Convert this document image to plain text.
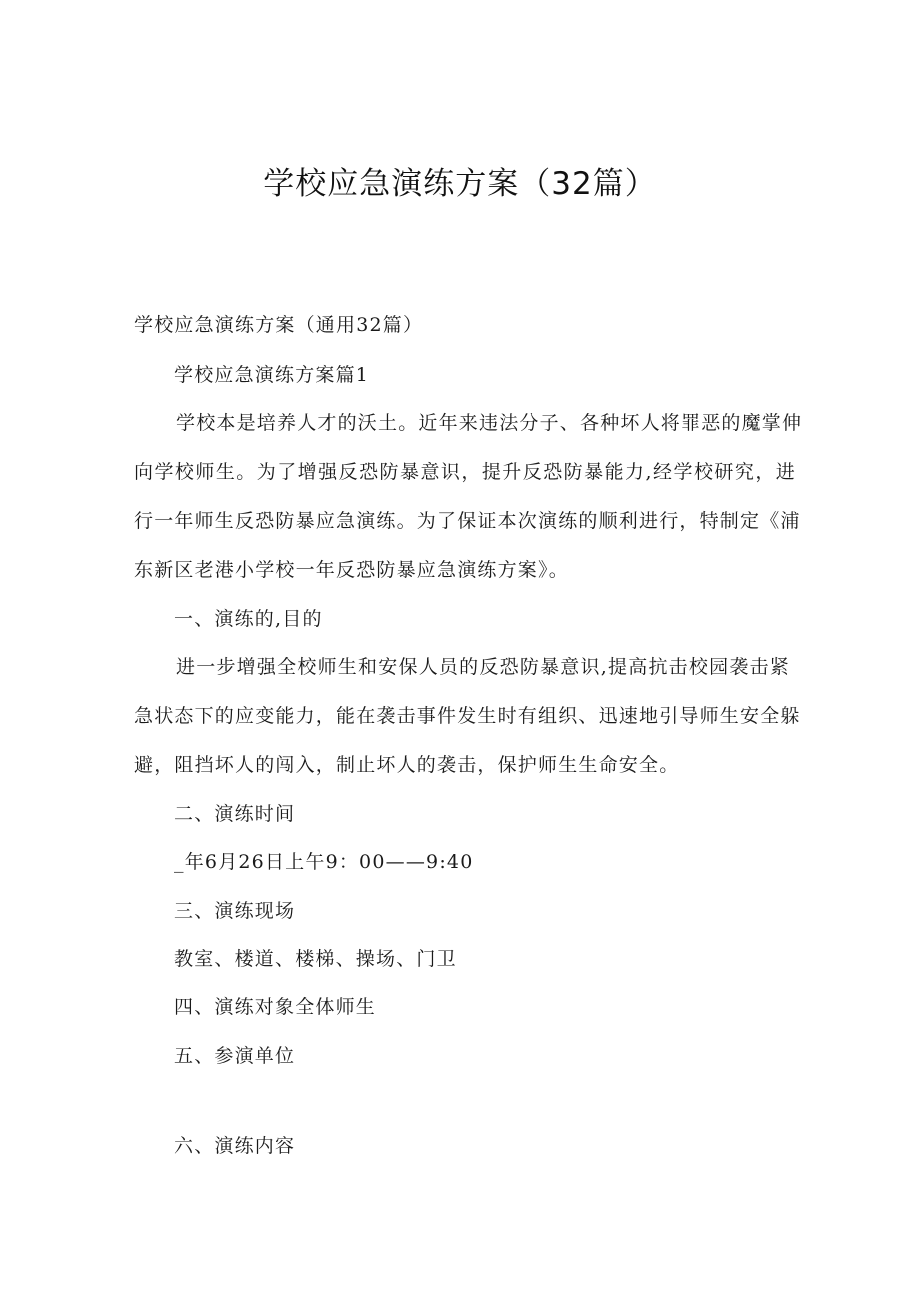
学校应急演练方案（32篇）

学校应急演练方案（通用32篇）

学校应急演练方案篇1

学校本是培养人才的沃土。近年来违法分子、各种坏人将罪恶的魔掌伸

向学校师生。为了增强反恐防暴意识，提升反恐防暴能力,经学校研究，进

行一年师生反恐防暴应急演练。为了保证本次演练的顺利进行，特制定《浦

东新区老港小学校一年反恐防暴应急演练方案》。

一、演练的,目的

进一步增强全校师生和安保人员的反恐防暴意识,提高抗击校园袭击紧

急状态下的应变能力，能在袭击事件发生时有组织、迅速地引导师生安全躲

避，阻挡坏人的闯入，制止坏人的袭击，保护师生生命安全。

二、演练时间

_年6月26日上午9：00——9:40

三、演练现场

教室、楼道、楼梯、操场、门卫

四、演练对象全体师生

五、参演单位

六、演练内容
